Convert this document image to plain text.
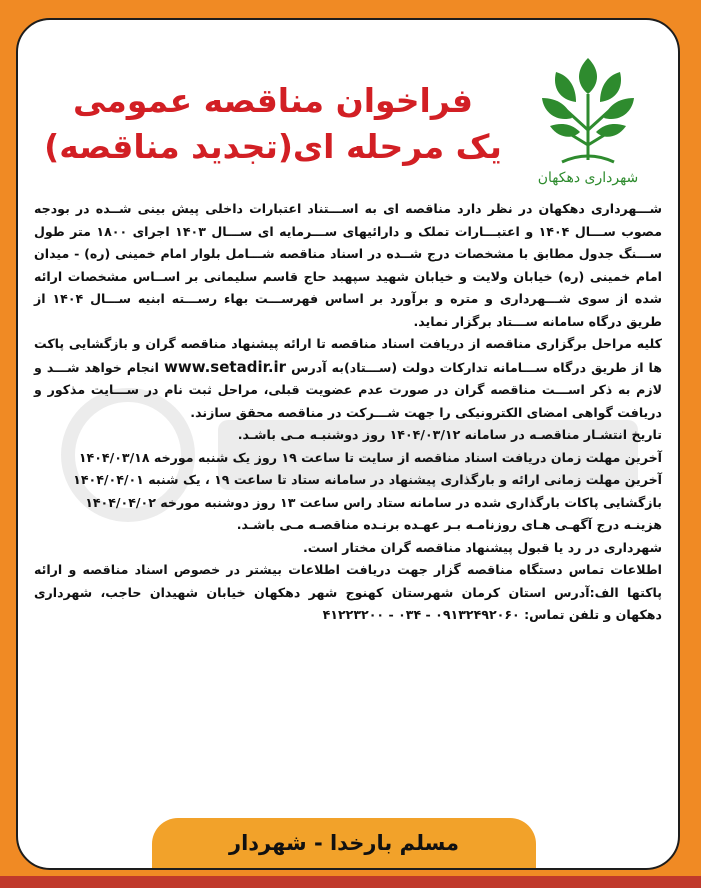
شهرداری دهکهان
فراخوان مناقصه عمومی
یک مرحله ای(تجدید مناقصه)

شـــهرداری دهکهان در نظر دارد مناقصه ای به اســـتناد اعتبارات داخلی پیش بینی شــده در بودجه مصوب ســـال ۱۴۰۴ و اعتبـــارات تملک و دارائیهای ســـرمایه ای ســـال ۱۴۰۳ اجرای ۱۸۰۰ متر طول ســـنگ جدول مطابق با مشخصات درج شــده در اسناد مناقصه شـــامل بلوار امام خمینی (ره) - میدان امام خمینی (ره) خیابان ولایت و خیابان شهید سپهبد حاج قاسم سلیمانی بر اســاس مشخصات ارائه شده از سوی شـــهرداری و متره و برآورد بر اساس فهرســـت بهاء رســـته ابنیه ســـال ۱۴۰۴ از طریق درگاه سامانه ســـتاد برگزار نماید.

کلیه مراحل برگزاری مناقصه از دریافت اسناد مناقصه تا ارائه پیشنهاد مناقصه گران و بازگشایی پاکت ها از طریق درگاه ســـامانه تدارکات دولت (ســـتاد)به آدرس www.setadir.ir انجام خواهد شـــد و لازم به ذکر اســـت مناقصه گران در صورت عدم عضویت قبلی، مراحل ثبت نام در ســـایت مذکور و دریافت گواهی امضای الکترونیکی را جهت شـــرکت در مناقصه محقق سازند.

تاریخ انتشـار مناقصـه در سامانه ۱۴۰۴/۰۳/۱۲ روز دوشنبـه مـی باشـد.

آخرین مهلت زمان دریافت اسناد مناقصه از سایت تا ساعت ۱۹ روز یک شنبه مورخه ۱۴۰۴/۰۳/۱۸

آخرین مهلت زمانی ارائه و بارگذاری پیشنهاد در سامانه ستاد تا ساعت ۱۹ ، یک شنبه ۱۴۰۴/۰۴/۰۱

بازگشایی پاکات بارگذاری شده در سامانه ستاد راس ساعت ۱۳ روز دوشنبه مورخه ۱۴۰۴/۰۴/۰۲

هزینـه درج آگهـی هـای روزنامـه بـر عهـده برنـده مناقصـه مـی باشـد.

شهرداری در رد یا قبول پیشنهاد مناقصه گران مختار است.

اطلاعات تماس دستگاه مناقصه گزار جهت دریافت اطلاعات بیشتر در خصوص اسناد مناقصه و ارائه پاکتها الف:آدرس استان کرمان شهرستان کهنوج شهر دهکهان خیابان شهیدان حاجب، شهرداری دهکهان و تلفن تماس: ۰۹۱۳۲۴۹۲۰۶۰ - ۰۳۴ - ۴۱۲۲۳۲۰۰

مسلم بارخدا - شهردار
